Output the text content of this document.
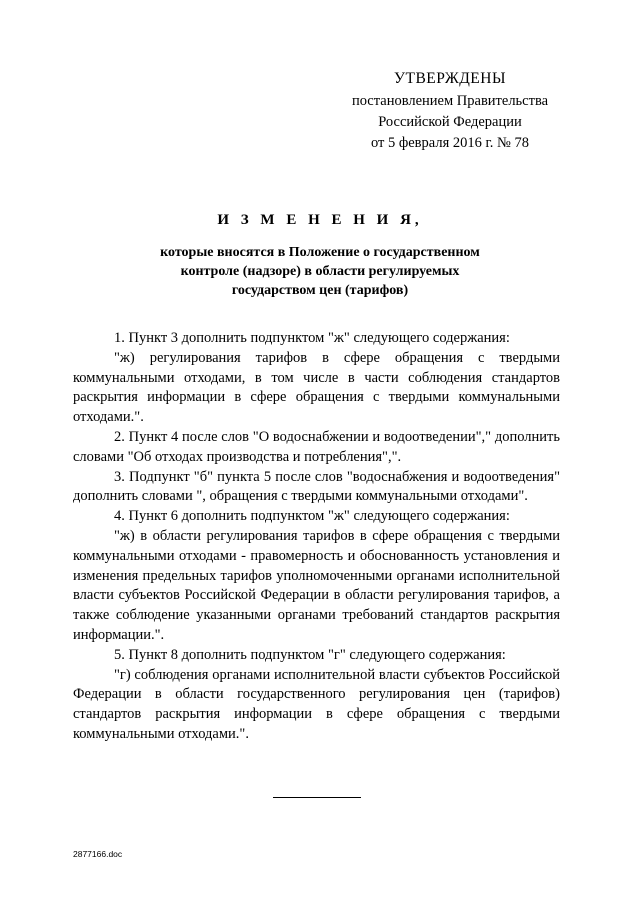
УТВЕРЖДЕНЫ
постановлением Правительства
Российской Федерации
от 5 февраля 2016 г. № 78
И З М Е Н Е Н И Я,
которые вносятся в Положение о государственном
контроле (надзоре) в области регулируемых
государством цен (тарифов)

1. Пункт 3 дополнить подпунктом "ж" следующего содержания:

"ж) регулирования тарифов в сфере обращения с твердыми коммунальными отходами, в том числе в части соблюдения стандартов раскрытия информации в сфере обращения с твердыми коммунальными отходами.".

2. Пункт 4 после слов "О водоснабжении и водоотведении"," дополнить словами "Об отходах производства и потребления",".

3. Подпункт "б" пункта 5 после слов "водоснабжения и водоотведения" дополнить словами ", обращения с твердыми коммунальными отходами".

4. Пункт 6 дополнить подпунктом "ж" следующего содержания:

"ж) в области регулирования тарифов в сфере обращения с твердыми коммунальными отходами - правомерность и обоснованность установления и изменения предельных тарифов уполномоченными органами исполнительной власти субъектов Российской Федерации в области регулирования тарифов, а также соблюдение указанными органами требований стандартов раскрытия информации.".

5. Пункт 8 дополнить подпунктом "г" следующего содержания:

"г) соблюдения органами исполнительной власти субъектов Российской Федерации в области государственного регулирования цен (тарифов) стандартов раскрытия информации в сфере обращения с твердыми коммунальными отходами.".

2877166.doc
